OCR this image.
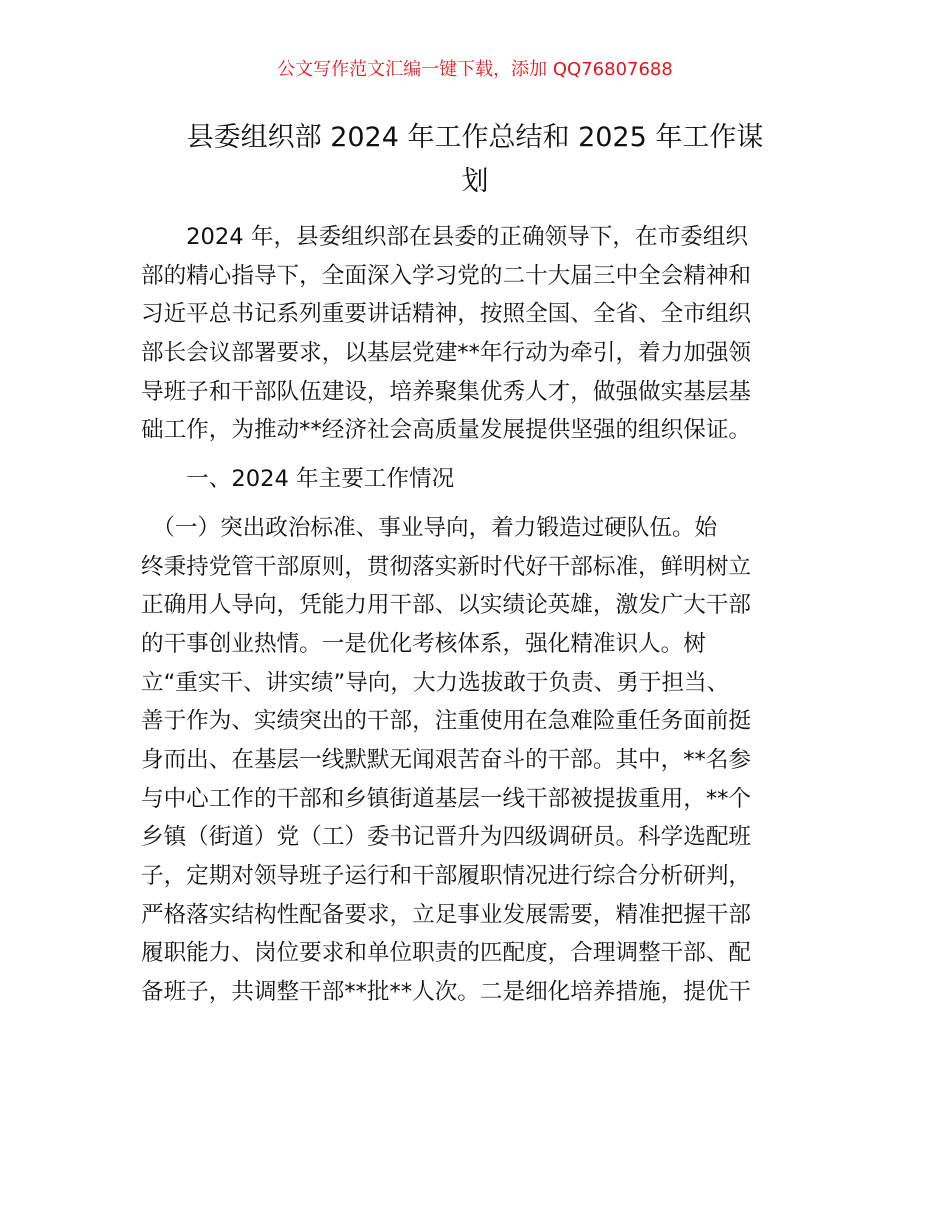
公文写作范文汇编一键下载，添加 QQ76807688
县委组织部 2024 年工作总结和 2025 年工作谋
划
　　2024 年，县委组织部在县委的正确领导下，在市委组织
部的精心指导下，全面深入学习党的二十大届三中全会精神和
习近平总书记系列重要讲话精神，按照全国、全省、全市组织
部长会议部署要求，以基层党建**年行动为牵引，着力加强领
导班子和干部队伍建设，培养聚集优秀人才，做强做实基层基
础工作，为推动**经济社会高质量发展提供坚强的组织保证。
　　一、2024 年主要工作情况
　（一）突出政治标准、事业导向，着力锻造过硬队伍。始
终秉持党管干部原则，贯彻落实新时代好干部标准，鲜明树立
正确用人导向，凭能力用干部、以实绩论英雄，激发广大干部
的干事创业热情。一是优化考核体系，强化精准识人。树
立“重实干、讲实绩”导向，大力选拔敢于负责、勇于担当、
善于作为、实绩突出的干部，注重使用在急难险重任务面前挺
身而出、在基层一线默默无闻艰苦奋斗的干部。其中，**名参
与中心工作的干部和乡镇街道基层一线干部被提拔重用，**个
乡镇（街道）党（工）委书记晋升为四级调研员。科学选配班
子，定期对领导班子运行和干部履职情况进行综合分析研判，
严格落实结构性配备要求，立足事业发展需要，精准把握干部
履职能力、岗位要求和单位职责的匹配度，合理调整干部、配
备班子，共调整干部**批**人次。二是细化培养措施，提优干
